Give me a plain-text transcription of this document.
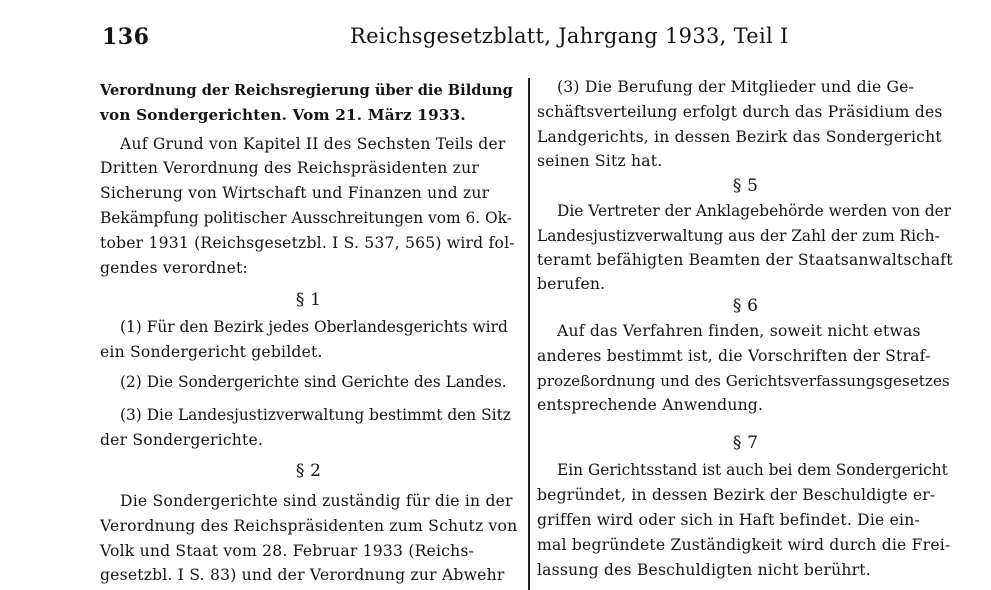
136	Reichsgesetzblatt, Jahrgang 1933, Teil I
Verordnung der Reichsregierung über die Bildung
von Sondergerichten. Vom 21. März 1933.
Auf Grund von Kapitel II des Sechsten Teils der
Dritten Verordnung des Reichspräsidenten zur
Sicherung von Wirtschaft und Finanzen und zur
Bekämpfung politischer Ausschreitungen vom 6. Ok-
tober 1931 (Reichsgesetzbl. I S. 537, 565) wird fol-
gendes verordnet:
§ 1
(1) Für den Bezirk jedes Oberlandesgerichts wird
ein Sondergericht gebildet.
(2) Die Sondergerichte sind Gerichte des Landes.
(3) Die Landesjustizverwaltung bestimmt den Sitz
der Sondergerichte.
§ 2
Die Sondergerichte sind zuständig für die in der
Verordnung des Reichspräsidenten zum Schutz von
Volk und Staat vom 28. Februar 1933 (Reichs-
gesetzbl. I S. 83) und der Verordnung zur Abwehr
(3) Die Berufung der Mitglieder und die Ge-
schäftsverteilung erfolgt durch das Präsidium des
Landgerichts, in dessen Bezirk das Sondergericht
seinen Sitz hat.
§ 5
Die Vertreter der Anklagebehörde werden von der
Landesjustizverwaltung aus der Zahl der zum Rich-
teramt befähigten Beamten der Staatsanwaltschaft
berufen.
§ 6
Auf das Verfahren finden, soweit nicht etwas
anderes bestimmt ist, die Vorschriften der Straf-
prozeßordnung und des Gerichtsverfassungsgesetzes
entsprechende Anwendung.
§ 7
Ein Gerichtsstand ist auch bei dem Sondergericht
begründet, in dessen Bezirk der Beschuldigte er-
griffen wird oder sich in Haft befindet. Die ein-
mal begründete Zuständigkeit wird durch die Frei-
lassung des Beschuldigten nicht berührt.
